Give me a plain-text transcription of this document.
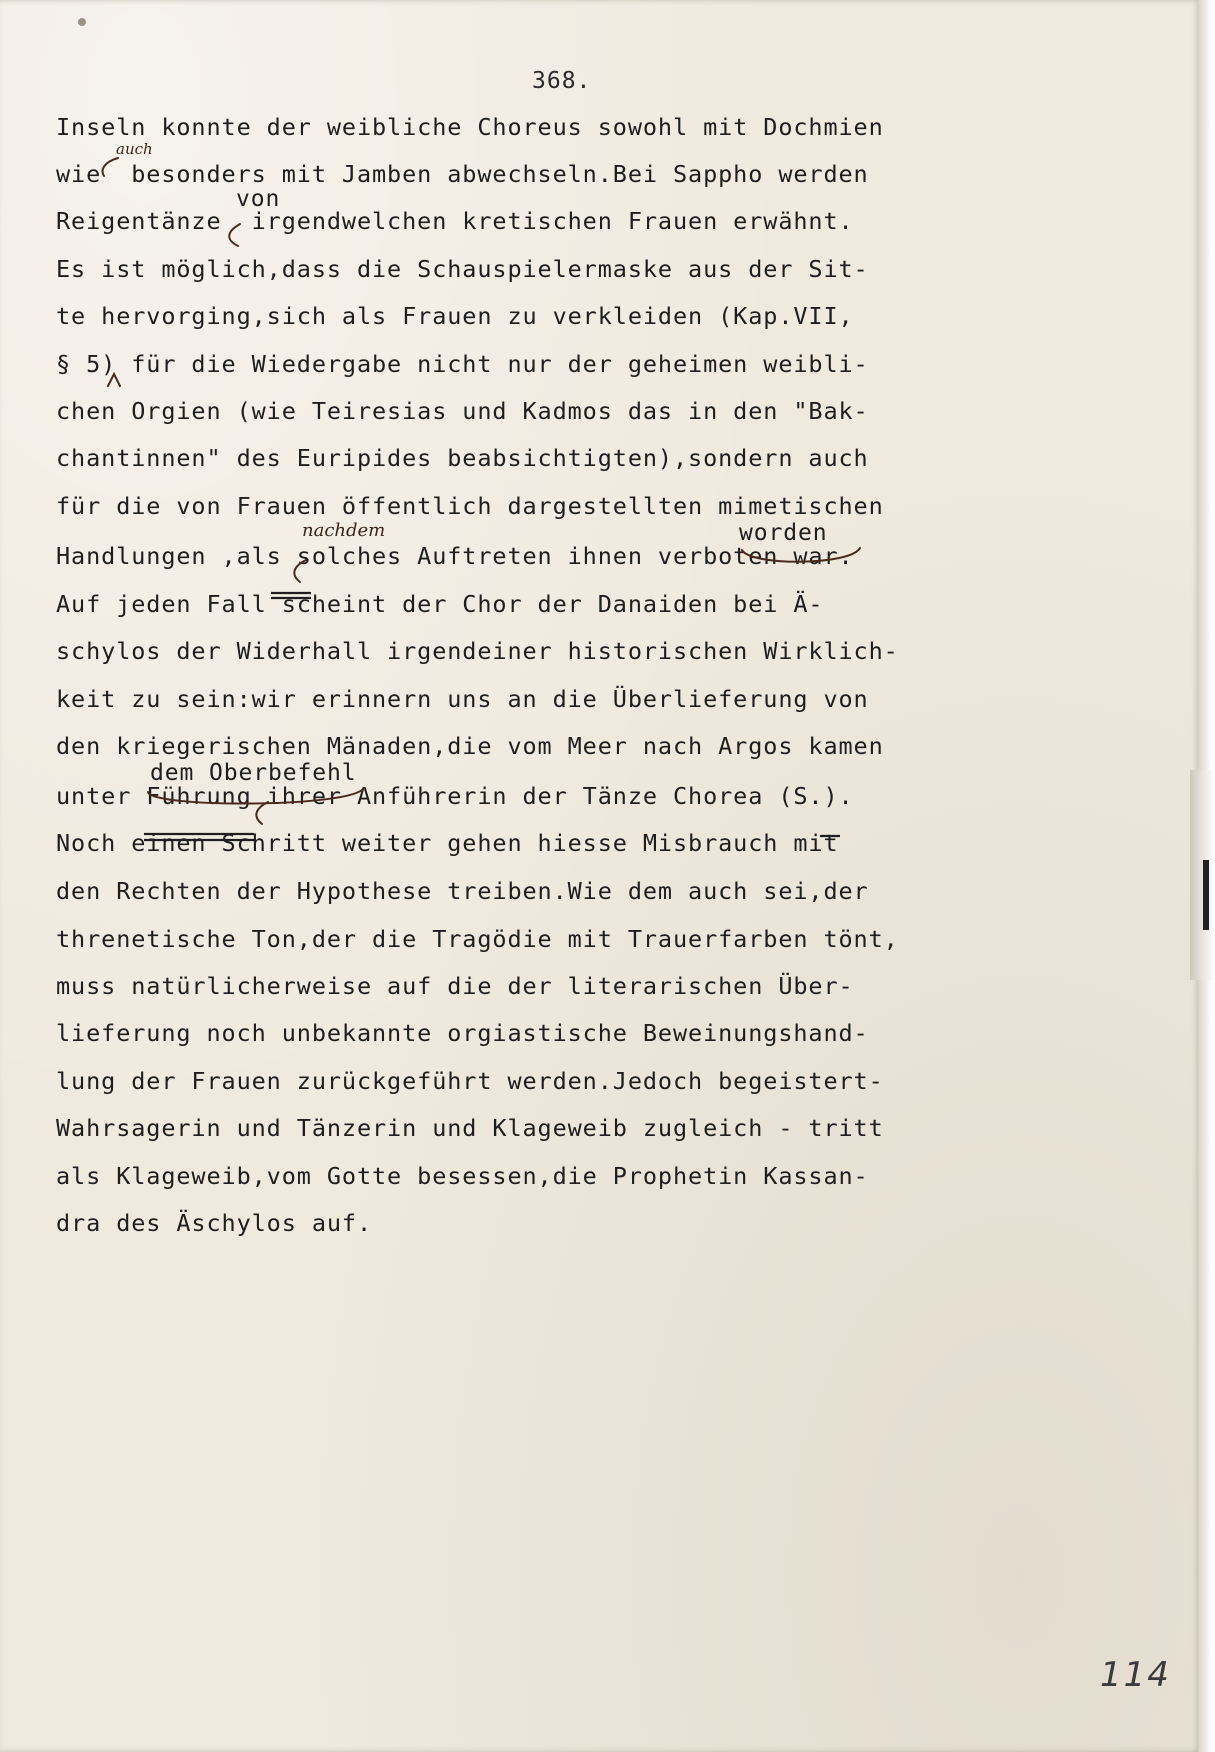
368.
Inseln konnte der weibliche Choreus sowohl mit Dochmien
wie  besonders mit Jamben abwechseln.Bei Sappho werden
Reigentänze  irgendwelchen kretischen Frauen erwähnt.
Es ist möglich,dass die Schauspielermaske aus der Sit-
te hervorging,sich als Frauen zu verkleiden (Kap.VII,
§ 5) für die Wiedergabe nicht nur der geheimen weibli-
chen Orgien (wie Teiresias und Kadmos das in den "Bak-
chantinnen" des Euripides beabsichtigten),sondern auch
für die von Frauen öffentlich dargestellten mimetischen
Handlungen ,als solches Auftreten ihnen verboten war.
Auf jeden Fall scheint der Chor der Danaiden bei Ä-
schylos der Widerhall irgendeiner historischen Wirklich-
keit zu sein:wir erinnern uns an die Überlieferung von
den kriegerischen Mänaden,die vom Meer nach Argos kamen
unter Führung ihrer Anführerin der Tänze Chorea (S.).
Noch einen Schritt weiter gehen hiesse Misbrauch mit
den Rechten der Hypothese treiben.Wie dem auch sei,der
threnetische Ton,der die Tragödie mit Trauerfarben tönt,
muss natürlicherweise auf die der literarischen Über-
lieferung noch unbekannte orgiastische Beweinungshand-
lung der Frauen zurückgeführt werden.Jedoch begeistert-
Wahrsagerin und Tänzerin und Klageweib zugleich - tritt
als Klageweib,vom Gotte besessen,die Prophetin Kassan-
dra des Äschylos auf.
auch
von
nachdem	worden
dem Oberbefehl
114
